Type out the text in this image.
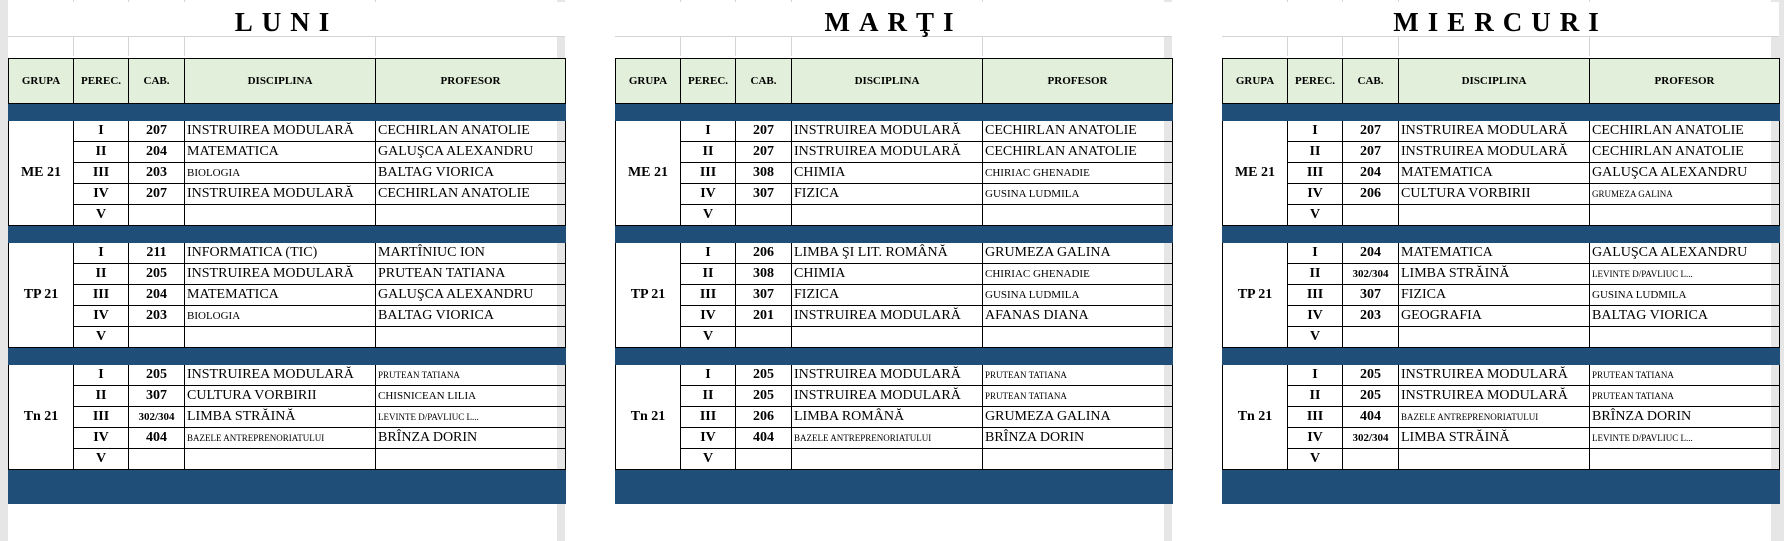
LUNI
GRUPA	PEREC.	CAB.	DISCIPLINA	PROFESOR

ME 21	I	207	INSTRUIREA MODULARĂ	CECHIRLAN ANATOLIE
	II	204	MATEMATICA	GALUŞCA ALEXANDRU
	III	203	BIOLOGIA	BALTAG VIORICA
	IV	207	INSTRUIREA MODULARĂ	CECHIRLAN ANATOLIE
	V			

TP 21	I	211	INFORMATICA (TIC)	MARTÎNIUC ION
	II	205	INSTRUIREA MODULARĂ	PRUTEAN TATIANA
	III	204	MATEMATICA	GALUŞCA ALEXANDRU
	IV	203	BIOLOGIA	BALTAG VIORICA
	V			

Tn 21	I	205	INSTRUIREA MODULARĂ	PRUTEAN TATIANA
	II	307	CULTURA VORBIRII	CHISNICEAN LILIA
	III	302/304	LIMBA STRĂINĂ	LEVINTE D/PAVLIUC L...
	IV	404	BAZELE ANTREPRENORIATULUI	BRÎNZA DORIN
	V			

MARŢI
GRUPA	PEREC.	CAB.	DISCIPLINA	PROFESOR

ME 21	I	207	INSTRUIREA MODULARĂ	CECHIRLAN ANATOLIE
	II	207	INSTRUIREA MODULARĂ	CECHIRLAN ANATOLIE
	III	308	CHIMIA	CHIRIAC GHENADIE
	IV	307	FIZICA	GUSINA LUDMILA
	V			

TP 21	I	206	LIMBA ŞI LIT. ROMÂNĂ	GRUMEZA GALINA
	II	308	CHIMIA	CHIRIAC GHENADIE
	III	307	FIZICA	GUSINA LUDMILA
	IV	201	INSTRUIREA MODULARĂ	AFANAS DIANA
	V			

Tn 21	I	205	INSTRUIREA MODULARĂ	PRUTEAN TATIANA
	II	205	INSTRUIREA MODULARĂ	PRUTEAN TATIANA
	III	206	LIMBA ROMÂNĂ	GRUMEZA GALINA
	IV	404	BAZELE ANTREPRENORIATULUI	BRÎNZA DORIN
	V			

MIERCURI
GRUPA	PEREC.	CAB.	DISCIPLINA	PROFESOR

ME 21	I	207	INSTRUIREA MODULARĂ	CECHIRLAN ANATOLIE
	II	207	INSTRUIREA MODULARĂ	CECHIRLAN ANATOLIE
	III	204	MATEMATICA	GALUŞCA ALEXANDRU
	IV	206	CULTURA VORBIRII	GRUMEZA GALINA
	V			

TP 21	I	204	MATEMATICA	GALUŞCA ALEXANDRU
	II	302/304	LIMBA STRĂINĂ	LEVINTE D/PAVLIUC L...
	III	307	FIZICA	GUSINA LUDMILA
	IV	203	GEOGRAFIA	BALTAG VIORICA
	V			

Tn 21	I	205	INSTRUIREA MODULARĂ	PRUTEAN TATIANA
	II	205	INSTRUIREA MODULARĂ	PRUTEAN TATIANA
	III	404	BAZELE ANTREPRENORIATULUI	BRÎNZA DORIN
	IV	302/304	LIMBA STRĂINĂ	LEVINTE D/PAVLIUC L...
	V			
